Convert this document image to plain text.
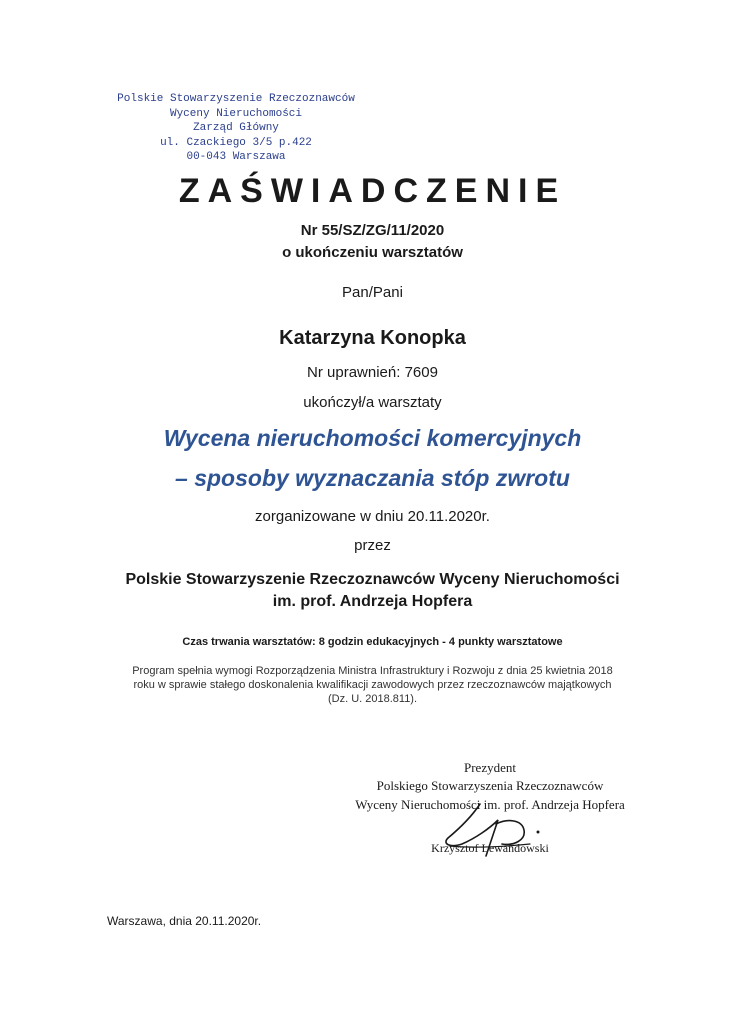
Polskie Stowarzyszenie Rzeczoznawców
Wyceny Nieruchomości
Zarząd Główny
ul. Czackiego 3/5 p.422
00-043 Warszawa
ZAŚWIADCZENIE
Nr 55/SZ/ZG/11/2020
o ukończeniu warsztatów
Pan/Pani
Katarzyna Konopka
Nr uprawnień: 7609
ukończył/a warsztaty
Wycena nieruchomości komercyjnych
– sposoby wyznaczania stóp zwrotu
zorganizowane w dniu 20.11.2020r.
przez
Polskie Stowarzyszenie Rzeczoznawców Wyceny Nieruchomości
im. prof. Andrzeja Hopfera
Czas trwania warsztatów: 8 godzin edukacyjnych - 4 punkty warsztatowe
Program spełnia wymogi Rozporządzenia Ministra Infrastruktury i Rozwoju z dnia 25 kwietnia 2018
roku w sprawie stałego doskonalenia kwalifikacji zawodowych przez rzeczoznawców majątkowych
(Dz. U. 2018.811).
Prezydent
Polskiego Stowarzyszenia Rzeczoznawców
Wyceny Nieruchomości im. prof. Andrzeja Hopfera
Krzysztof Lewandowski
Warszawa, dnia 20.11.2020r.
